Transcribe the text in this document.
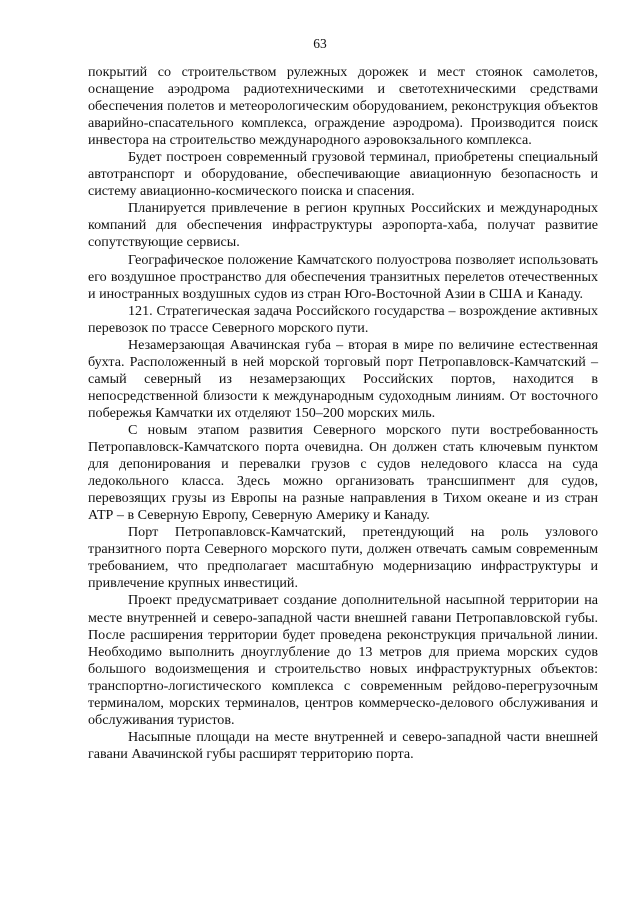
63

покрытий со строительством рулежных дорожек и мест стоянок самолетов, оснащение аэродрома радиотехническими и светотехническими средствами обеспечения полетов и метеорологическим оборудованием, реконструкция объектов аварийно-спасательного комплекса, ограждение аэродрома). Производится поиск инвестора на строительство международного аэровокзального комплекса.

Будет построен современный грузовой терминал, приобретены специальный автотранспорт и оборудование, обеспечивающие авиационную безопасность и систему авиационно-космического поиска и спасения.

Планируется привлечение в регион крупных Российских и международных компаний для обеспечения инфраструктуры аэропорта-хаба, получат развитие сопутствующие сервисы.

Географическое положение Камчатского полуострова позволяет использовать его воздушное пространство для обеспечения транзитных перелетов отечественных и иностранных воздушных судов из стран Юго-Восточной Азии в США и Канаду.

121. Стратегическая задача Российского государства – возрождение активных перевозок по трассе Северного морского пути.

Незамерзающая Авачинская губа – вторая в мире по величине естественная бухта. Расположенный в ней морской торговый порт Петропавловск-Камчатский – самый северный из незамерзающих Российских портов, находится в непосредственной близости к международным судоходным линиям. От восточного побережья Камчатки их отделяют 150–200 морских миль.

С новым этапом развития Северного морского пути востребованность Петропавловск-Камчатского порта очевидна. Он должен стать ключевым пунктом для депонирования и перевалки грузов с судов неледового класса на суда ледокольного класса. Здесь можно организовать трансшипмент для судов, перевозящих грузы из Европы на разные направления в Тихом океане и из стран АТР – в Северную Европу, Северную Америку и Канаду.

Порт Петропавловск-Камчатский, претендующий на роль узлового транзитного порта Северного морского пути, должен отвечать самым современным требованием, что предполагает масштабную модернизацию инфраструктуры и привлечение крупных инвестиций.

Проект предусматривает создание дополнительной насыпной территории на месте внутренней и северо-западной части внешней гавани Петропавловской губы. После расширения территории будет проведена реконструкция причальной линии. Необходимо выполнить дноуглубление до 13 метров для приема морских судов большого водоизмещения и строительство новых инфраструктурных объектов: транспортно-логистического комплекса с современным рейдово-перегрузочным терминалом, морских терминалов, центров коммерческо-делового обслуживания и обслуживания туристов.

Насыпные площади на месте внутренней и северо-западной части внешней гавани Авачинской губы расширят территорию порта.
